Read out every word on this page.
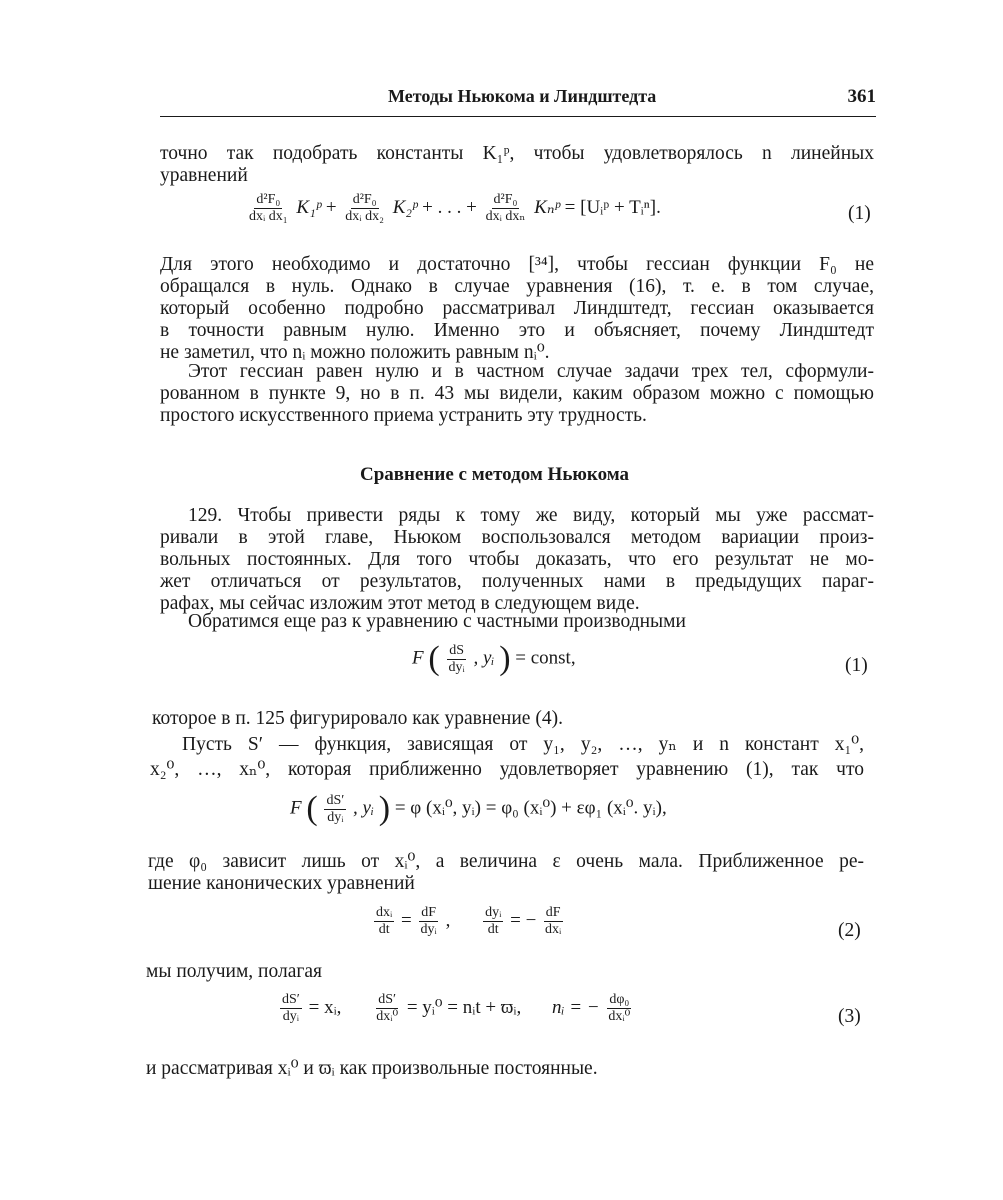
Методы Ньюкома и Линдштедта	361
точно так подобрать константы K₁ᵖ, чтобы удовлетворялось n линейных
уравнений
$\frac{\text{d²F₀}}{\text{dxᵢ dx₁}}$ K₁ᵖ + $\frac{\text{d²F₀}}{\text{dxᵢ dx₂}}$ K₂ᵖ + . . . + $\frac{\text{d²F₀}}{\text{dxᵢ dxₙ}}$ Kₙᵖ = [Uᵢᵖ + Tᵢⁿ].	(1)
Для этого необходимо и достаточно [³⁴], чтобы гессиан функции F₀ не
обращался в нуль. Однако в случае уравнения (16), т. е. в том случае,
который особенно подробно рассматривал Линдштедт, гессиан оказывается
в точности равным нулю. Именно это и объясняет, почему Линдштедт
не заметил, что nᵢ можно положить равным nᵢ⁰.
Этот гессиан равен нулю и в частном случае задачи трех тел, сформули-
рованном в пункте 9, но в п. 43 мы видели, каким образом можно с помощью
простого искусственного приема устранить эту трудность.
Сравнение с методом Ньюкома
129. Чтобы привести ряды к тому же виду, который мы уже рассмат-
ривали в этой главе, Ньюком воспользовался методом вариации произ-
вольных постоянных. Для того чтобы доказать, что его результат не мо-
жет отличаться от результатов, полученных нами в предыдущих параг-
рафах, мы сейчас изложим этот метод в следующем виде.
Обратимся еще раз к уравнению с частными производными
F ( $\frac{dS}{\text{dyᵢ}}$ , yᵢ ) = const,	(1)
которое в п. 125 фигурировало как уравнение (4).
Пусть S′ — функция, зависящая от y₁, y₂, …, yₙ и n констант x₁⁰,
x₂⁰, …, xₙ⁰, которая приближенно удовлетворяет уравнению (1), так что
F ( $\frac{dS'}{\text{dyᵢ}}$ , yᵢ ) = φ (xᵢ⁰, yᵢ) = φ₀ (xᵢ⁰) + εφ₁ (xᵢ⁰. yᵢ),
где φ₀ зависит лишь от xᵢ⁰, а величина ε очень мала. Приближенное ре-
шение канонических уравнений
$\frac{\text{dxᵢ}}{dt} = \frac{dF}{\text{dyᵢ}}$ , $\frac{\text{dyᵢ}}{dt}$ = − $\frac{dF}{\text{dxᵢ}}$	(2)
мы получим, полагая
$\frac{dS'}{\text{dyᵢ}}$ = xᵢ, $\frac{dS'}{\text{dxᵢ⁰}}$ = yᵢ⁰ = nᵢt + ϖᵢ, nᵢ = − $\frac{\text{dφ₀}}{\text{dxᵢ⁰}}$	(3)
и рассматривая xᵢ⁰ и ϖᵢ как произвольные постоянные.
